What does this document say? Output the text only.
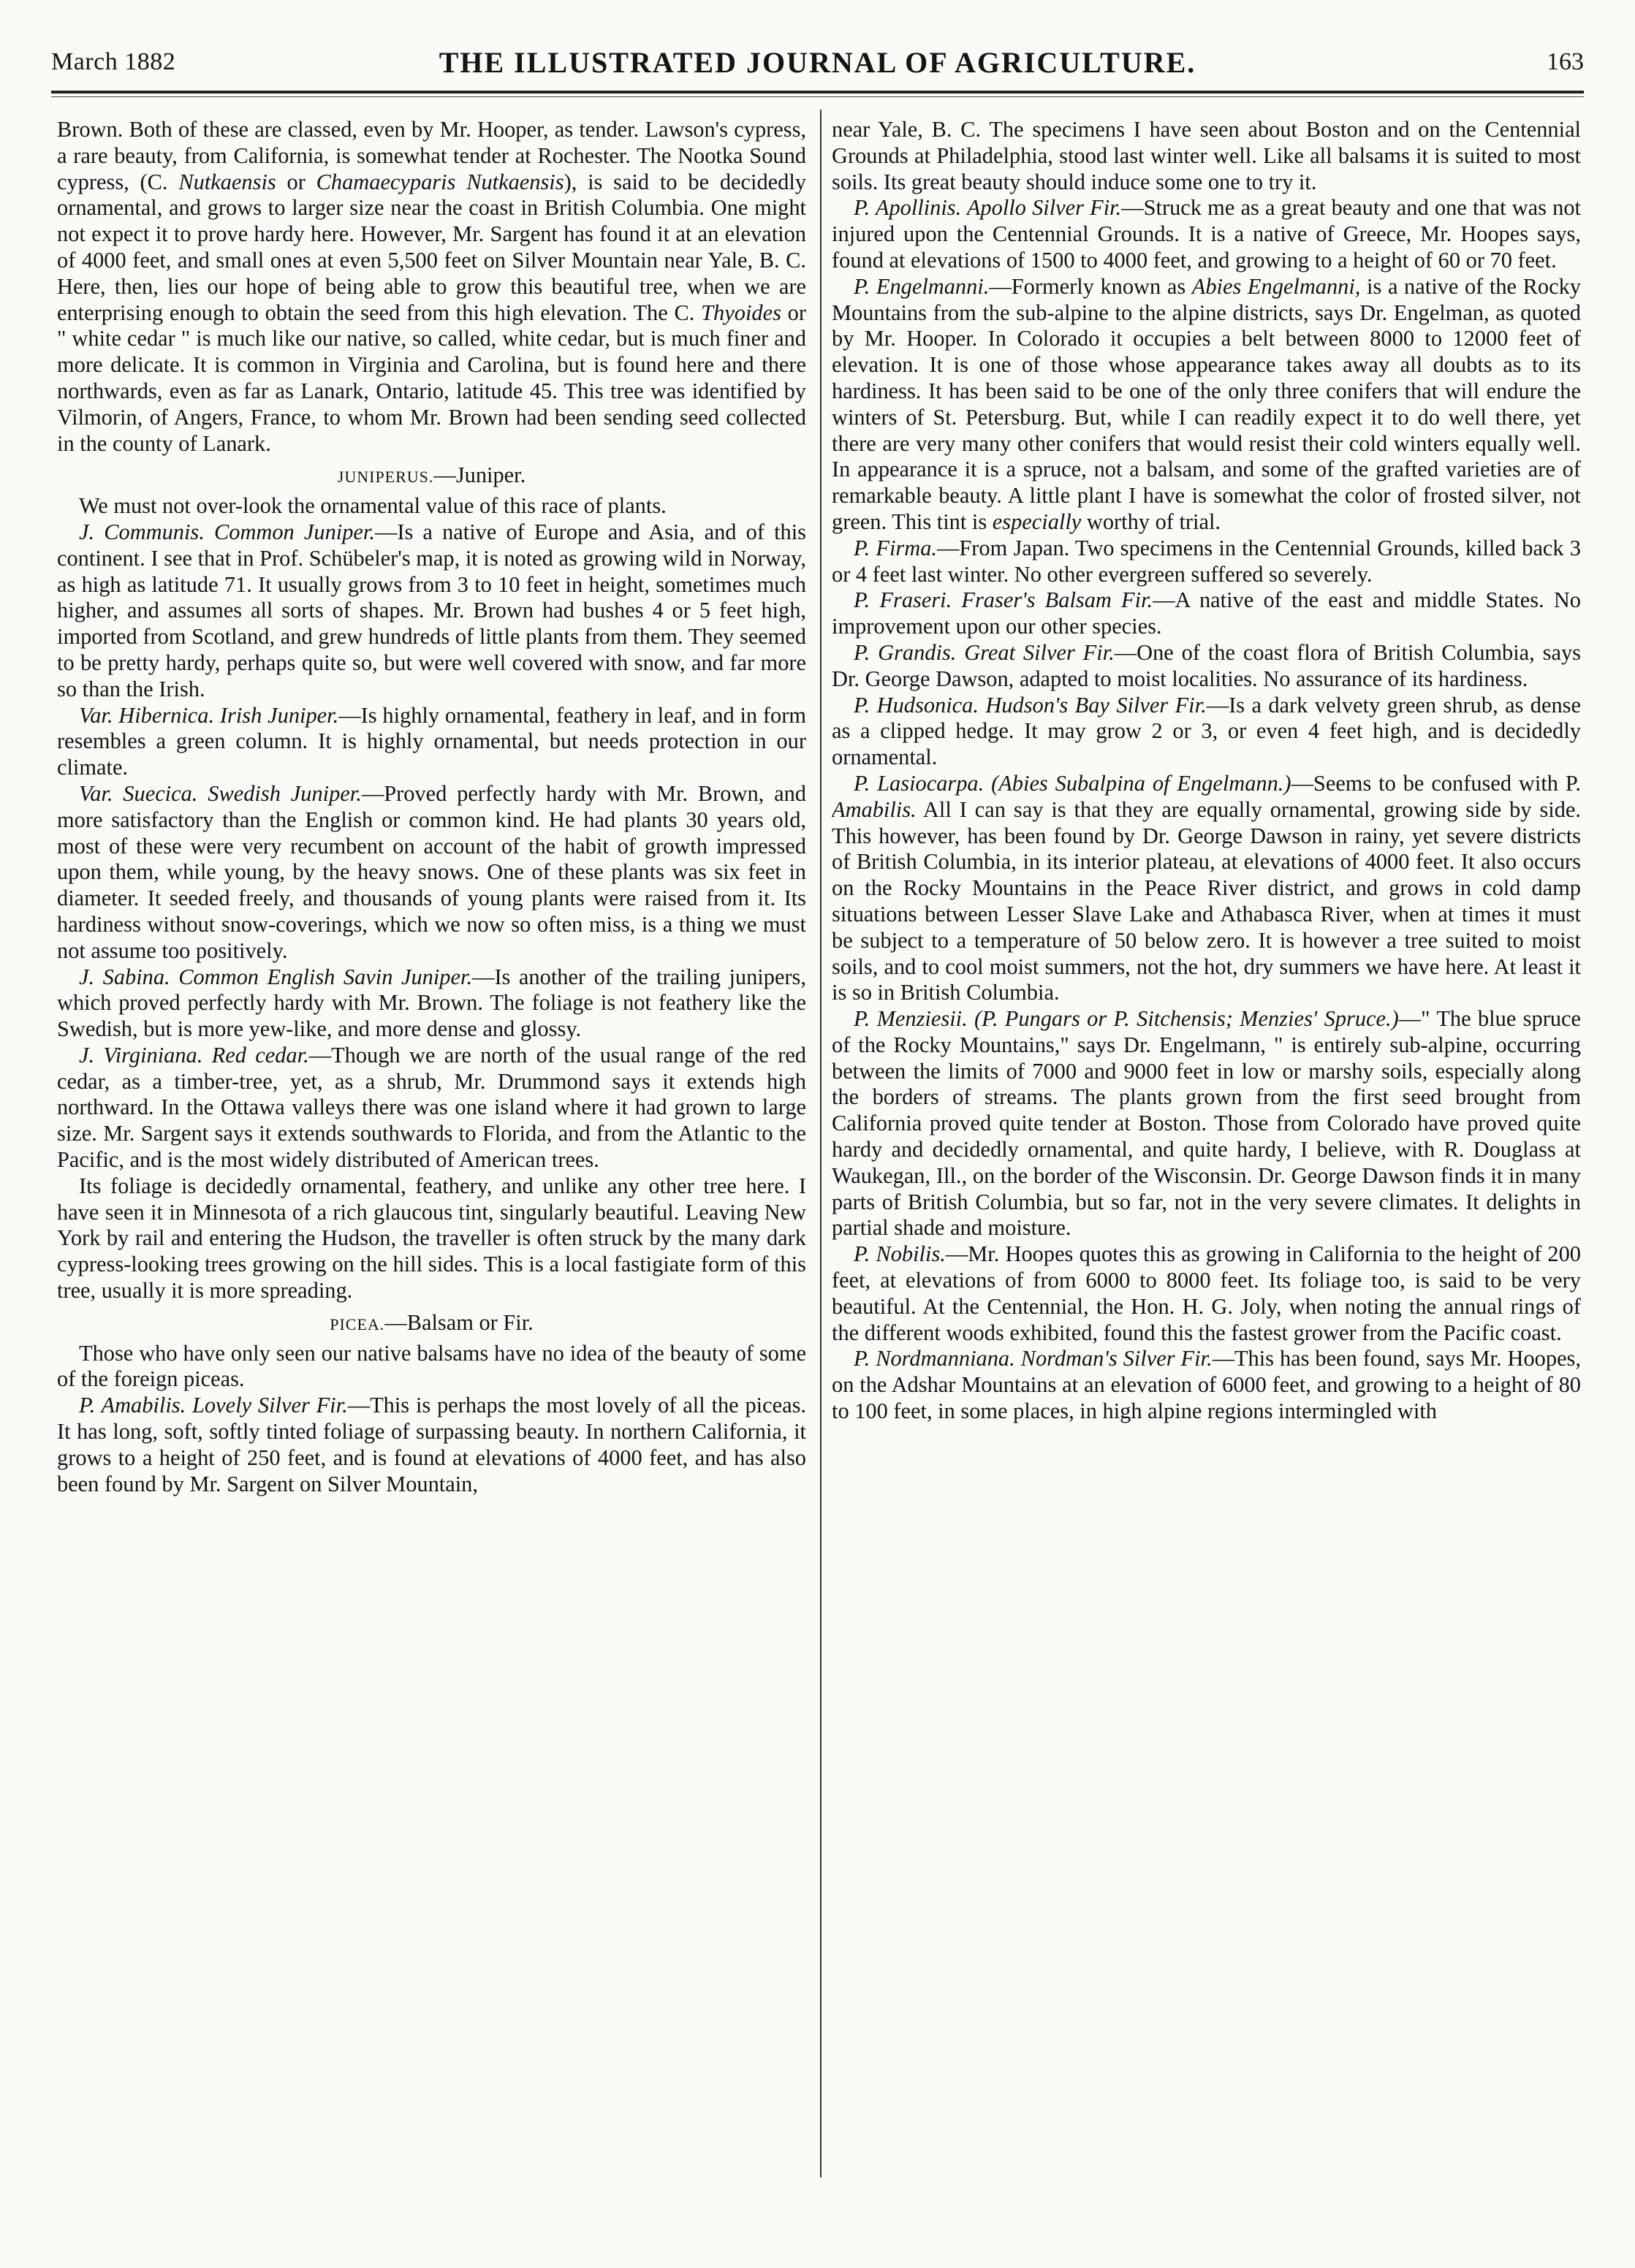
March 1882	THE ILLUSTRATED JOURNAL OF AGRICULTURE.	163

Brown. Both of these are classed, even by Mr. Hooper, as tender. Lawson's cypress, a rare beauty, from California, is somewhat tender at Rochester. The Nootka Sound cypress, (C. Nutkaensis or Chamaecyparis Nutkaensis), is said to be decidedly ornamental, and grows to larger size near the coast in British Columbia. One might not expect it to prove hardy here. However, Mr. Sargent has found it at an elevation of 4000 feet, and small ones at even 5,500 feet on Silver Mountain near Yale, B. C. Here, then, lies our hope of being able to grow this beautiful tree, when we are enterprising enough to obtain the seed from this high elevation. The C. Thyoides or " white cedar " is much like our native, so called, white cedar, but is much finer and more delicate. It is common in Virginia and Carolina, but is found here and there northwards, even as far as Lanark, Ontario, latitude 45. This tree was identified by Vilmorin, of Angers, France, to whom Mr. Brown had been sending seed collected in the county of Lanark.

JUNIPERUS.—Juniper.

We must not over-look the ornamental value of this race of plants.

J. Communis. Common Juniper.—Is a native of Europe and Asia, and of this continent. I see that in Prof. Schübeler's map, it is noted as growing wild in Norway, as high as latitude 71. It usually grows from 3 to 10 feet in height, sometimes much higher, and assumes all sorts of shapes. Mr. Brown had bushes 4 or 5 feet high, imported from Scotland, and grew hundreds of little plants from them. They seemed to be pretty hardy, perhaps quite so, but were well covered with snow, and far more so than the Irish.

Var. Hibernica. Irish Juniper.—Is highly ornamental, feathery in leaf, and in form resembles a green column. It is highly ornamental, but needs protection in our climate.

Var. Suecica. Swedish Juniper.—Proved perfectly hardy with Mr. Brown, and more satisfactory than the English or common kind. He had plants 30 years old, most of these were very recumbent on account of the habit of growth impressed upon them, while young, by the heavy snows. One of these plants was six feet in diameter. It seeded freely, and thousands of young plants were raised from it. Its hardiness without snow-coverings, which we now so often miss, is a thing we must not assume too positively.

J. Sabina. Common English Savin Juniper.—Is another of the trailing junipers, which proved perfectly hardy with Mr. Brown. The foliage is not feathery like the Swedish, but is more yew-like, and more dense and glossy.

J. Virginiana. Red cedar.—Though we are north of the usual range of the red cedar, as a timber-tree, yet, as a shrub, Mr. Drummond says it extends high northward. In the Ottawa valleys there was one island where it had grown to large size. Mr. Sargent says it extends southwards to Florida, and from the Atlantic to the Pacific, and is the most widely distributed of American trees.

Its foliage is decidedly ornamental, feathery, and unlike any other tree here. I have seen it in Minnesota of a rich glaucous tint, singularly beautiful. Leaving New York by rail and entering the Hudson, the traveller is often struck by the many dark cypress-looking trees growing on the hill sides. This is a local fastigiate form of this tree, usually it is more spreading.

PICEA.—Balsam or Fir.

Those who have only seen our native balsams have no idea of the beauty of some of the foreign piceas.

P. Amabilis. Lovely Silver Fir.—This is perhaps the most lovely of all the piceas. It has long, soft, softly tinted foliage of surpassing beauty. In northern California, it grows to a height of 250 feet, and is found at elevations of 4000 feet, and has also been found by Mr. Sargent on Silver Mountain,

near Yale, B. C. The specimens I have seen about Boston and on the Centennial Grounds at Philadelphia, stood last winter well. Like all balsams it is suited to most soils. Its great beauty should induce some one to try it.

P. Apollinis. Apollo Silver Fir.—Struck me as a great beauty and one that was not injured upon the Centennial Grounds. It is a native of Greece, Mr. Hoopes says, found at elevations of 1500 to 4000 feet, and growing to a height of 60 or 70 feet.

P. Engelmanni.—Formerly known as Abies Engelmanni, is a native of the Rocky Mountains from the sub-alpine to the alpine districts, says Dr. Engelman, as quoted by Mr. Hooper. In Colorado it occupies a belt between 8000 to 12000 feet of elevation. It is one of those whose appearance takes away all doubts as to its hardiness. It has been said to be one of the only three conifers that will endure the winters of St. Petersburg. But, while I can readily expect it to do well there, yet there are very many other conifers that would resist their cold winters equally well. In appearance it is a spruce, not a balsam, and some of the grafted varieties are of remarkable beauty. A little plant I have is somewhat the color of frosted silver, not green. This tint is especially worthy of trial.

P. Firma.—From Japan. Two specimens in the Centennial Grounds, killed back 3 or 4 feet last winter. No other evergreen suffered so severely.

P. Fraseri. Fraser's Balsam Fir.—A native of the east and middle States. No improvement upon our other species.

P. Grandis. Great Silver Fir.—One of the coast flora of British Columbia, says Dr. George Dawson, adapted to moist localities. No assurance of its hardiness.

P. Hudsonica. Hudson's Bay Silver Fir.—Is a dark velvety green shrub, as dense as a clipped hedge. It may grow 2 or 3, or even 4 feet high, and is decidedly ornamental.

P. Lasiocarpa. (Abies Subalpina of Engelmann.)—Seems to be confused with P. Amabilis. All I can say is that they are equally ornamental, growing side by side. This however, has been found by Dr. George Dawson in rainy, yet severe districts of British Columbia, in its interior plateau, at elevations of 4000 feet. It also occurs on the Rocky Mountains in the Peace River district, and grows in cold damp situations between Lesser Slave Lake and Athabasca River, when at times it must be subject to a temperature of 50 below zero. It is however a tree suited to moist soils, and to cool moist summers, not the hot, dry summers we have here. At least it is so in British Columbia.

P. Menziesii. (P. Pungars or P. Sitchensis; Menzies' Spruce.)—" The blue spruce of the Rocky Mountains," says Dr. Engelmann, " is entirely sub-alpine, occurring between the limits of 7000 and 9000 feet in low or marshy soils, especially along the borders of streams. The plants grown from the first seed brought from California proved quite tender at Boston. Those from Colorado have proved quite hardy and decidedly ornamental, and quite hardy, I believe, with R. Douglass at Waukegan, Ill., on the border of the Wisconsin. Dr. George Dawson finds it in many parts of British Columbia, but so far, not in the very severe climates. It delights in partial shade and moisture.

P. Nobilis.—Mr. Hoopes quotes this as growing in California to the height of 200 feet, at elevations of from 6000 to 8000 feet. Its foliage too, is said to be very beautiful. At the Centennial, the Hon. H. G. Joly, when noting the annual rings of the different woods exhibited, found this the fastest grower from the Pacific coast.

P. Nordmanniana. Nordman's Silver Fir.—This has been found, says Mr. Hoopes, on the Adshar Mountains at an elevation of 6000 feet, and growing to a height of 80 to 100 feet, in some places, in high alpine regions intermingled with
